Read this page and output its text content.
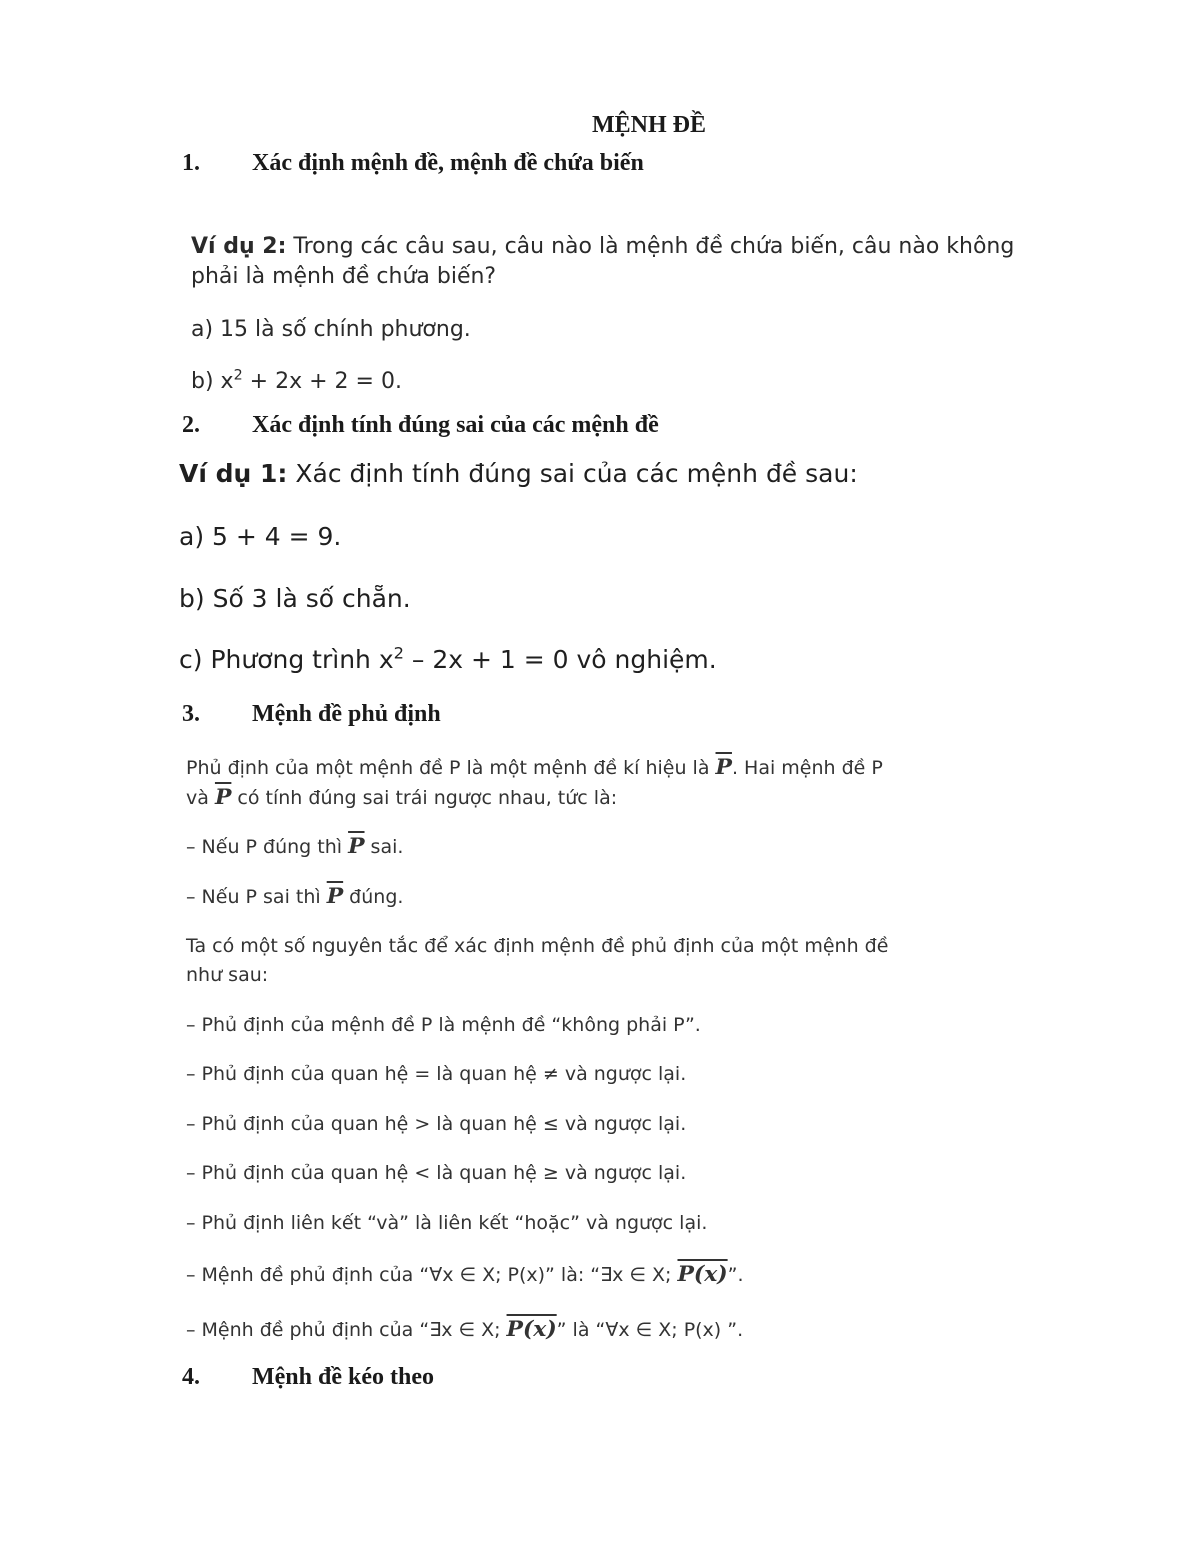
MỆNH ĐỀ
1. Xác định mệnh đề, mệnh đề chứa biến
Ví dụ 2: Trong các câu sau, câu nào là mệnh đề chứa biến, câu nào không
phải là mệnh đề chứa biến?
a) 15 là số chính phương.
b) $x^2 + 2x + 2 = 0$.
2. Xác định tính đúng sai của các mệnh đề
Ví dụ 1: Xác định tính đúng sai của các mệnh đề sau:
a) 5 + 4 = 9.
b) Số 3 là số chẵn.
c) Phương trình $x^2 - 2x + 1 = 0$ vô nghiệm.
3. Mệnh đề phủ định
Phủ định của một mệnh đề P là một mệnh đề kí hiệu là $\overline{P}$. Hai mệnh đề P
và $\overline{P}$ có tính đúng sai trái ngược nhau, tức là:
– Nếu P đúng thì $\overline{P}$ sai.
– Nếu P sai thì $\overline{P}$ đúng.
Ta có một số nguyên tắc để xác định mệnh đề phủ định của một mệnh đề
như sau:
– Phủ định của mệnh đề P là mệnh đề “không phải P”.
– Phủ định của quan hệ = là quan hệ ≠ và ngược lại.
– Phủ định của quan hệ > là quan hệ ≤ và ngược lại.
– Phủ định của quan hệ < là quan hệ ≥ và ngược lại.
– Phủ định liên kết “và” là liên kết “hoặc” và ngược lại.
– Mệnh đề phủ định của “∀x ∈ X; P(x)” là: “∃x ∈ X; P(x)”.
– Mệnh đề phủ định của “∃x ∈ X; P(x)” là “∀x ∈ X; P(x) ”.
4. Mệnh đề kéo theo
